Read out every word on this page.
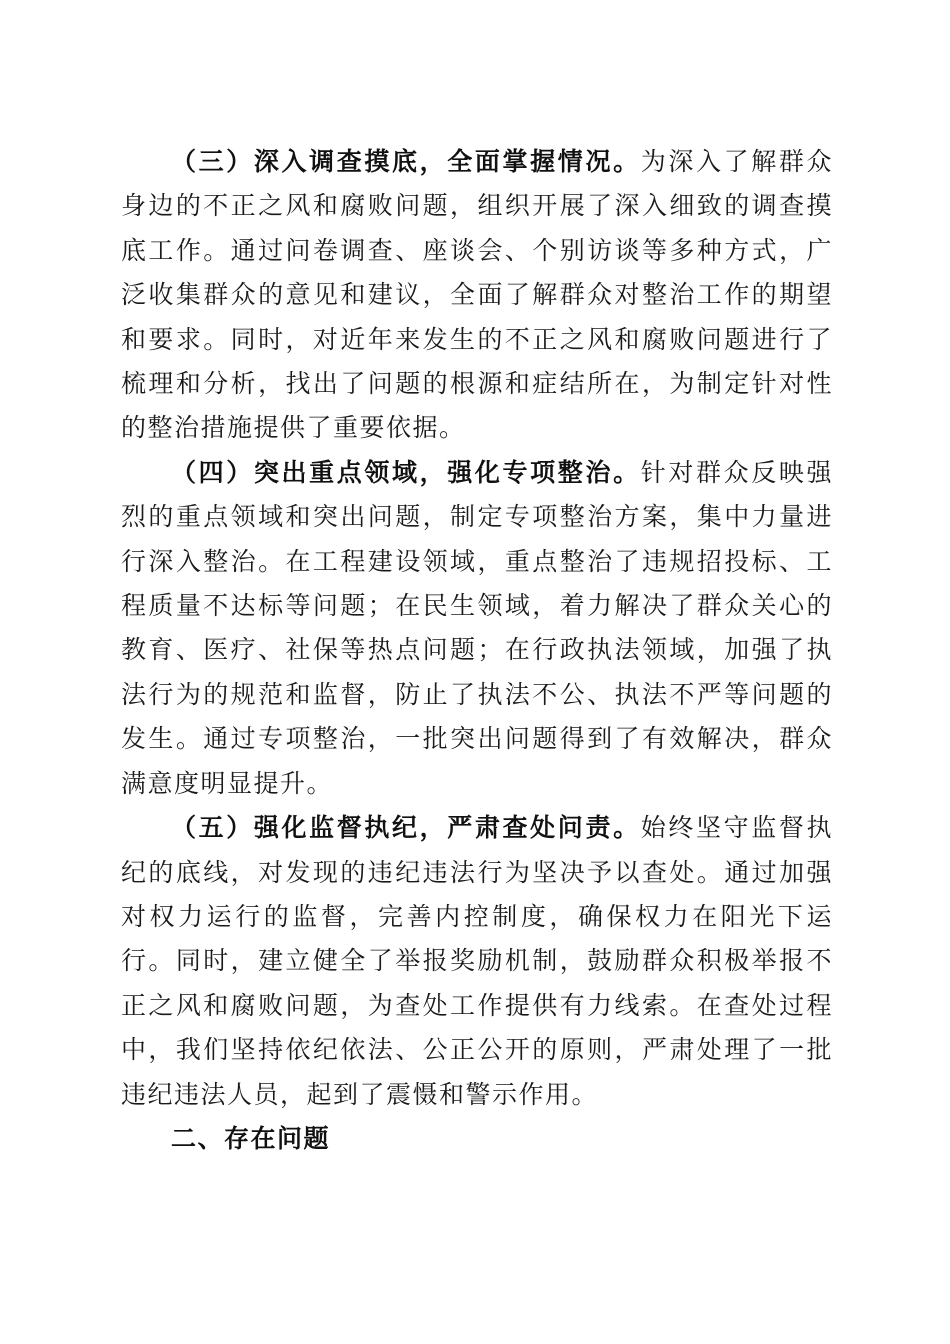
（三）深入调查摸底，全面掌握情况。为深入了解群众身边的不正之风和腐败问题，组织开展了深入细致的调查摸底工作。通过问卷调查、座谈会、个别访谈等多种方式，广泛收集群众的意见和建议，全面了解群众对整治工作的期望和要求。同时，对近年来发生的不正之风和腐败问题进行了梳理和分析，找出了问题的根源和症结所在，为制定针对性的整治措施提供了重要依据。

（四）突出重点领域，强化专项整治。针对群众反映强烈的重点领域和突出问题，制定专项整治方案，集中力量进行深入整治。在工程建设领域，重点整治了违规招投标、工程质量不达标等问题；在民生领域，着力解决了群众关心的教育、医疗、社保等热点问题；在行政执法领域，加强了执法行为的规范和监督，防止了执法不公、执法不严等问题的发生。通过专项整治，一批突出问题得到了有效解决，群众满意度明显提升。

（五）强化监督执纪，严肃查处问责。始终坚守监督执纪的底线，对发现的违纪违法行为坚决予以查处。通过加强对权力运行的监督，完善内控制度，确保权力在阳光下运行。同时，建立健全了举报奖励机制，鼓励群众积极举报不正之风和腐败问题，为查处工作提供有力线索。在查处过程中，我们坚持依纪依法、公正公开的原则，严肃处理了一批违纪违法人员，起到了震慑和警示作用。

二、存在问题
